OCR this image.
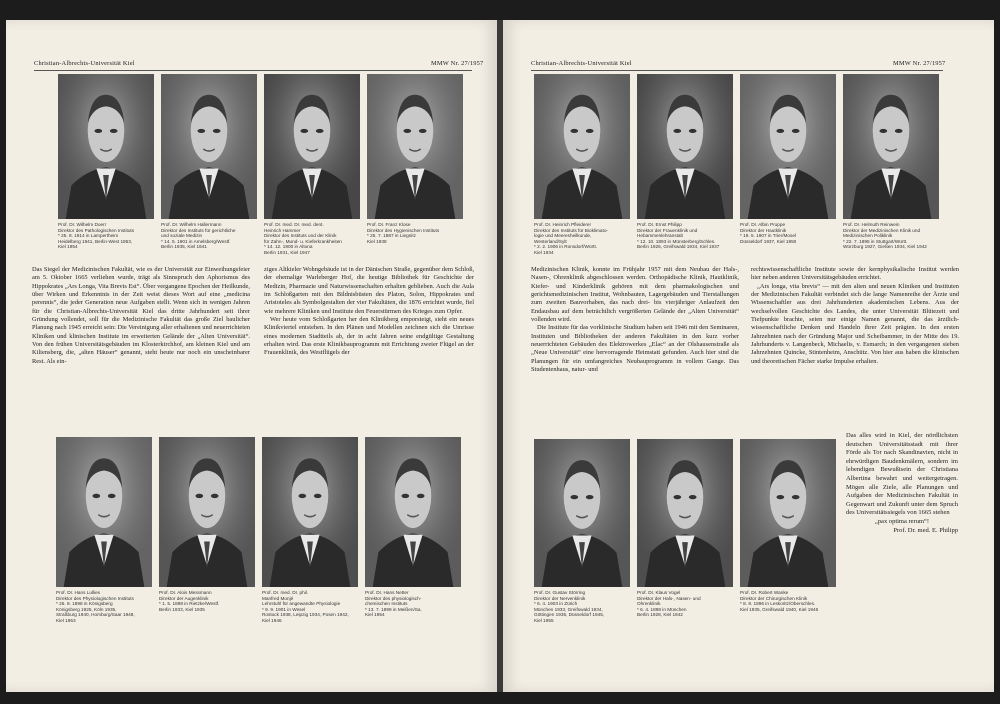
Christian-Albrechts-Universität Kiel	MMW Nr. 27/1957
Prof. Dr. Wilhelm Doerr
Direktor des Pathologischen Instituts
* 25. 8. 1914 in Lampertheim
Heidelberg 1941, Berlin-West 1953,
Kiel 1954
Prof. Dr. Wilhelm Hallermann
Direktor des Instituts für gerichtliche
und soziale Medizin
* 14. 5. 1901 in Amelsberg/Westf.
Berlin 1935, Kiel 1941
Prof. Dr. med. Dr. med. dent.
Heinrich Hammer
Direktor des Instituts und der Klinik
für Zahn-, Mund- u. Kieferkrankheiten
* 14. 12. 1900 in Altona
Berlin 1931, Kiel 1947
Prof. Dr. Franz Klose
Direktor des Hygienischen Instituts
* 25. 7. 1887 in Liegnitz
Kiel 1938

Das Siegel der Medizinischen Fakultät, wie es der Universität zur Einweihungsfeier am 5. Oktober 1665 verliehen wurde, trägt als Sinnspruch den Aphorismus des Hippokrates „Ars Longa, Vita Brevis Est“. Über vergangene Epochen der Heilkunde, über Wirken und Erkenntnis in der Zeit weist dieses Wort auf eine „medicina perennis“, die jeder Generation neue Aufgaben stellt. Wenn sich in wenigen Jahren für die Christian-Albrechts-Universität Kiel das dritte Jahrhundert seit ihrer Gründung vollendet, soll für die Medizinische Fakultät das große Ziel baulicher Planung nach 1945 erreicht sein: Die Vereinigung aller erhaltenen und neuerrichteten Kliniken und klinischen Institute im erweiterten Gelände der „Alten Universität“. Von den frühen Universitätsgebäuden im Klosterkirchhof, am kleinen Kiel und am Kiliensberg, die, „alten Häuser“ genannt, steht heute nur noch ein unscheinbarer Rest. Als ein-

ziges Altkieler Wohngebäude ist in der Dänischen Straße, gegenüber dem Schloß, der ehemalige Warleberger Hof, die heutige Bibliothek für Geschichte der Medizin, Pharmazie und Naturwissenschaften erhalten geblieben. Auch die Aula im Schloßgarten mit den Bildnisbüsten des Platon, Solon, Hippokrates und Aristoteles als Symbolgestalten der vier Fakultäten, die 1876 errichtet wurde, fiel wie mehrere Kliniken und Institute den Feuerstürmen des Krieges zum Opfer.

Wer heute vom Schloßgarten her den Klinikberg emporsteigt, sieht ein neues Klinikviertel entstehen. In den Plänen und Modellen zeichnen sich die Umrisse eines modernen Stadtteils ab, der in acht Jahren seine endgültige Gestaltung erhalten wird. Das erste Klinikbauprogramm mit Errichtung zweier Flügel an der Frauenklinik, des Westflügels der

Prof. Dr. Hans Lullies
Direktor des Physiologischen Instituts
* 26. 8. 1898 in Königsberg
Königsberg 1925, Köln 1935,
Straßburg 1940, Homburg/Saar 1948,
Kiel 1953
Prof. Dr. Alois Messmann
Direktor der Augenklinik
* 1. 5. 1898 in Rietzke/Westf.
Berlin 1933, Kiel 1935
Prof. Dr. med. Dr. phil.
Manfred Monjé
Lehrstuhl für angewandte Physiologie
* 9. 9. 1901 in Wesel
Rostock 1938, Leipzig 1934, Posen 1942,
Kiel 1946
Prof. Dr. Hans Netter
Direktor des physiologisch-
chemischen Instituts
* 13. 7. 1899 in Meißen/Sa.
Kiel 1954
Christian-Albrechts-Universität Kiel	MMW Nr. 27/1957
Prof. Dr. Heinrich Pfleiderer
Direktor des Instituts für Bioklimato-
logie und Meeresheilkunde,
Westerland/Sylt
* 2. 2. 1906 in Ronsdorf/Württ.
Kiel 1934
Prof. Dr. Ernst Philipp
Direktor der Frauenklinik und
Hebammenlehranstalt
* 12. 10. 1893 in Münsterberg/Schles.
Berlin 1926, Greifswald 1934, Kiel 1937
Prof. Dr. Albin Proppe
Direktor der Hautklinik
* 19. 5. 1907 in Trier/Mosel
Düsseldorf 1937, Kiel 1950
Prof. Dr. Helmuth Reinwein
Direktor der Medizinischen Klinik und
Medizinischen Poliklinik
* 22. 7. 1895 in Stuttgart/Württ.
Würzburg 1927, Gießen 1934, Kiel 1942

Medizinischen Klinik, konnte im Frühjahr 1957 mit dem Neubau der Hals-, Nasen-, Ohrenklinik abgeschlossen werden. Orthopädische Klinik, Hautklinik, Kiefer- und Kinderklinik gehören mit dem pharmakologischen und gerichtsmedizinischen Institut, Wohnbauten, Lagergebäuden und Tierstallungen zum zweiten Bauvorhaben, das nach drei- bis vierjähriger Anlaufzeit den Endausbau auf dem beträchtlich vergrößerten Gelände der „Alten Universität“ vollenden wird.

Die Institute für das vorklinische Studium haben seit 1946 mit den Seminaren, Instituten und Bibliotheken der anderen Fakultäten in den kurz vorher neuerrichteten Gebäuden des Elektrowerkes „Elac“ an der Olshausenstraße als „Neue Universität“ eine hervorragende Heimstatt gefunden. Auch hier sind die Planungen für ein umfangreiches Neubauprogramm in vollem Gange. Das Studentenhaus, natur- und

rechtswissenschaftliche Institute sowie der kernphysikalische Institut werden hier neben anderen Universitätsgebäuden errichtet.

„Ars longa, vita brevis“ — mit den alten und neuen Kliniken und Instituten der Medizinischen Fakultät verbindet sich die lange Namenreihe der Ärzte und Wissenschaftler aus drei Jahrhunderten akademischen Lebens. Aus der wechselvollen Geschichte des Landes, die unter Universität Blütezeit und Tiefpunkte brachte, seien nur einige Namen genannt, die das ärztlich-wissenschaftliche Denken und Handeln ihrer Zeit prägten. In den ersten Jahrzehnten nach der Gründung Major und Scheibammer, in der Mitte des 19. Jahrhunderts v. Langenbeck, Michaelis, v. Esmarch; in den vergangenen sieben Jahrzehnten Quincke, Stintenheim, Anschütz. Von hier aus haben die klinischen und theoretischen Fächer starke Impulse erhalten.

Prof. Dr. Gustav Störring
Direktor der Nervenklinik
* 6. 4. 1903 in Zürich
München 1933, Greifswald 1934,
Göttingen 1936, Düsseldorf 1945,
Kiel 1955
Prof. Dr. Klaus Vogel
Direktor der Hals-, Nasen- und
Ohrenklinik
* 6. 4. 1898 in München
Berlin 1928, Kiel 1942
Prof. Dr. Robert Wanke
Direktor der Chirurgischen Klinik
* 8. 8. 1896 in Leskoritz/Oberschles.
Kiel 1935, Greifswald 1940, Kiel 1946
Das alles wird in Kiel, der nördlichsten deutschen Universitätsstadt mit ihrer Förde als Tor nach Skandinavien, nicht in ehrwürdigen Baudenkmälern, sondern im lebendigen Bewußtsein der Christiana Albertina bewahrt und weitergetragen. Mögen alle Ziele, alle Planungen und Aufgaben der Medizinischen Fakultät in Gegenwart und Zukunft unter dem Spruch des Universitätssiegels von 1665 stehen
„pax optima rerum“!
Prof. Dr. med. E. Philipp
